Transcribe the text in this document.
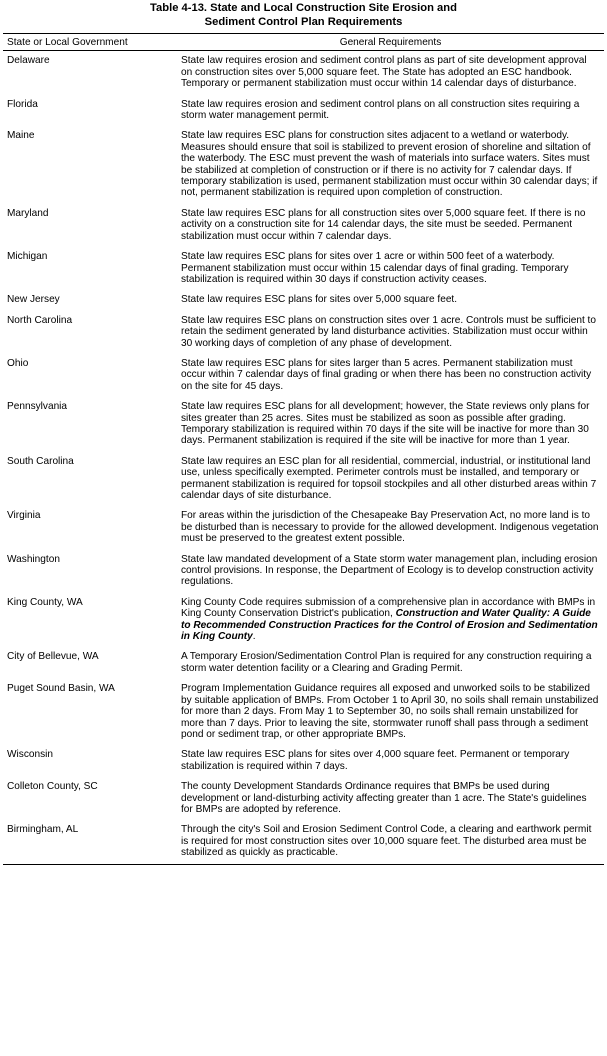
Table 4-13. State and Local Construction Site Erosion and
Sediment Control Plan Requirements
State or Local Government	General Requirements
Delaware	State law requires erosion and sediment control plans as part of site development approval on construction sites over 5,000 square feet. The State has adopted an ESC handbook. Temporary or permanent stabilization must occur within 14 calendar days of disturbance.
Florida	State law requires erosion and sediment control plans on all construction sites requiring a storm water management permit.
Maine	State law requires ESC plans for construction sites adjacent to a wetland or waterbody. Measures should ensure that soil is stabilized to prevent erosion of shoreline and siltation of the waterbody. The ESC must prevent the wash of materials into surface waters. Sites must be stabilized at completion of construction or if there is no activity for 7 calendar days. If temporary stabilization is used, permanent stabilization must occur within 30 calendar days; if not, permanent stabilization is required upon completion of construction.
Maryland	State law requires ESC plans for all construction sites over 5,000 square feet. If there is no activity on a construction site for 14 calendar days, the site must be seeded. Permanent stabilization must occur within 7 calendar days.
Michigan	State law requires ESC plans for sites over 1 acre or within 500 feet of a waterbody. Permanent stabilization must occur within 15 calendar days of final grading. Temporary stabilization is required within 30 days if construction activity ceases.
New Jersey	State law requires ESC plans for sites over 5,000 square feet.
North Carolina	State law requires ESC plans on construction sites over 1 acre. Controls must be sufficient to retain the sediment generated by land disturbance activities. Stabilization must occur within 30 working days of completion of any phase of development.
Ohio	State law requires ESC plans for sites larger than 5 acres. Permanent stabilization must occur within 7 calendar days of final grading or when there has been no construction activity on the site for 45 days.
Pennsylvania	State law requires ESC plans for all development; however, the State reviews only plans for sites greater than 25 acres. Sites must be stabilized as soon as possible after grading. Temporary stabilization is required within 70 days if the site will be inactive for more than 30 days. Permanent stabilization is required if the site will be inactive for more than 1 year.
South Carolina	State law requires an ESC plan for all residential, commercial, industrial, or institutional land use, unless specifically exempted. Perimeter controls must be installed, and temporary or permanent stabilization is required for topsoil stockpiles and all other disturbed areas within 7 calendar days of site disturbance.
Virginia	For areas within the jurisdiction of the Chesapeake Bay Preservation Act, no more land is to be disturbed than is necessary to provide for the allowed development. Indigenous vegetation must be preserved to the greatest extent possible.
Washington	State law mandated development of a State storm water management plan, including erosion control provisions. In response, the Department of Ecology is to develop construction activity regulations.
King County, WA	King County Code requires submission of a comprehensive plan in accordance with BMPs in King County Conservation District's publication, Construction and Water Quality: A Guide to Recommended Construction Practices for the Control of Erosion and Sedimentation in King County.
City of Bellevue, WA	A Temporary Erosion/Sedimentation Control Plan is required for any construction requiring a storm water detention facility or a Clearing and Grading Permit.
Puget Sound Basin, WA	Program Implementation Guidance requires all exposed and unworked soils to be stabilized by suitable application of BMPs. From October 1 to April 30, no soils shall remain unstabilized for more than 2 days. From May 1 to September 30, no soils shall remain unstabilized for more than 7 days. Prior to leaving the site, stormwater runoff shall pass through a sediment pond or sediment trap, or other appropriate BMPs.
Wisconsin	State law requires ESC plans for sites over 4,000 square feet. Permanent or temporary stabilization is required within 7 days.
Colleton County, SC	The county Development Standards Ordinance requires that BMPs be used during development or land-disturbing activity affecting greater than 1 acre. The State's guidelines for BMPs are adopted by reference.
Birmingham, AL	Through the city's Soil and Erosion Sediment Control Code, a clearing and earthwork permit is required for most construction sites over 10,000 square feet. The disturbed area must be stabilized as quickly as practicable.
